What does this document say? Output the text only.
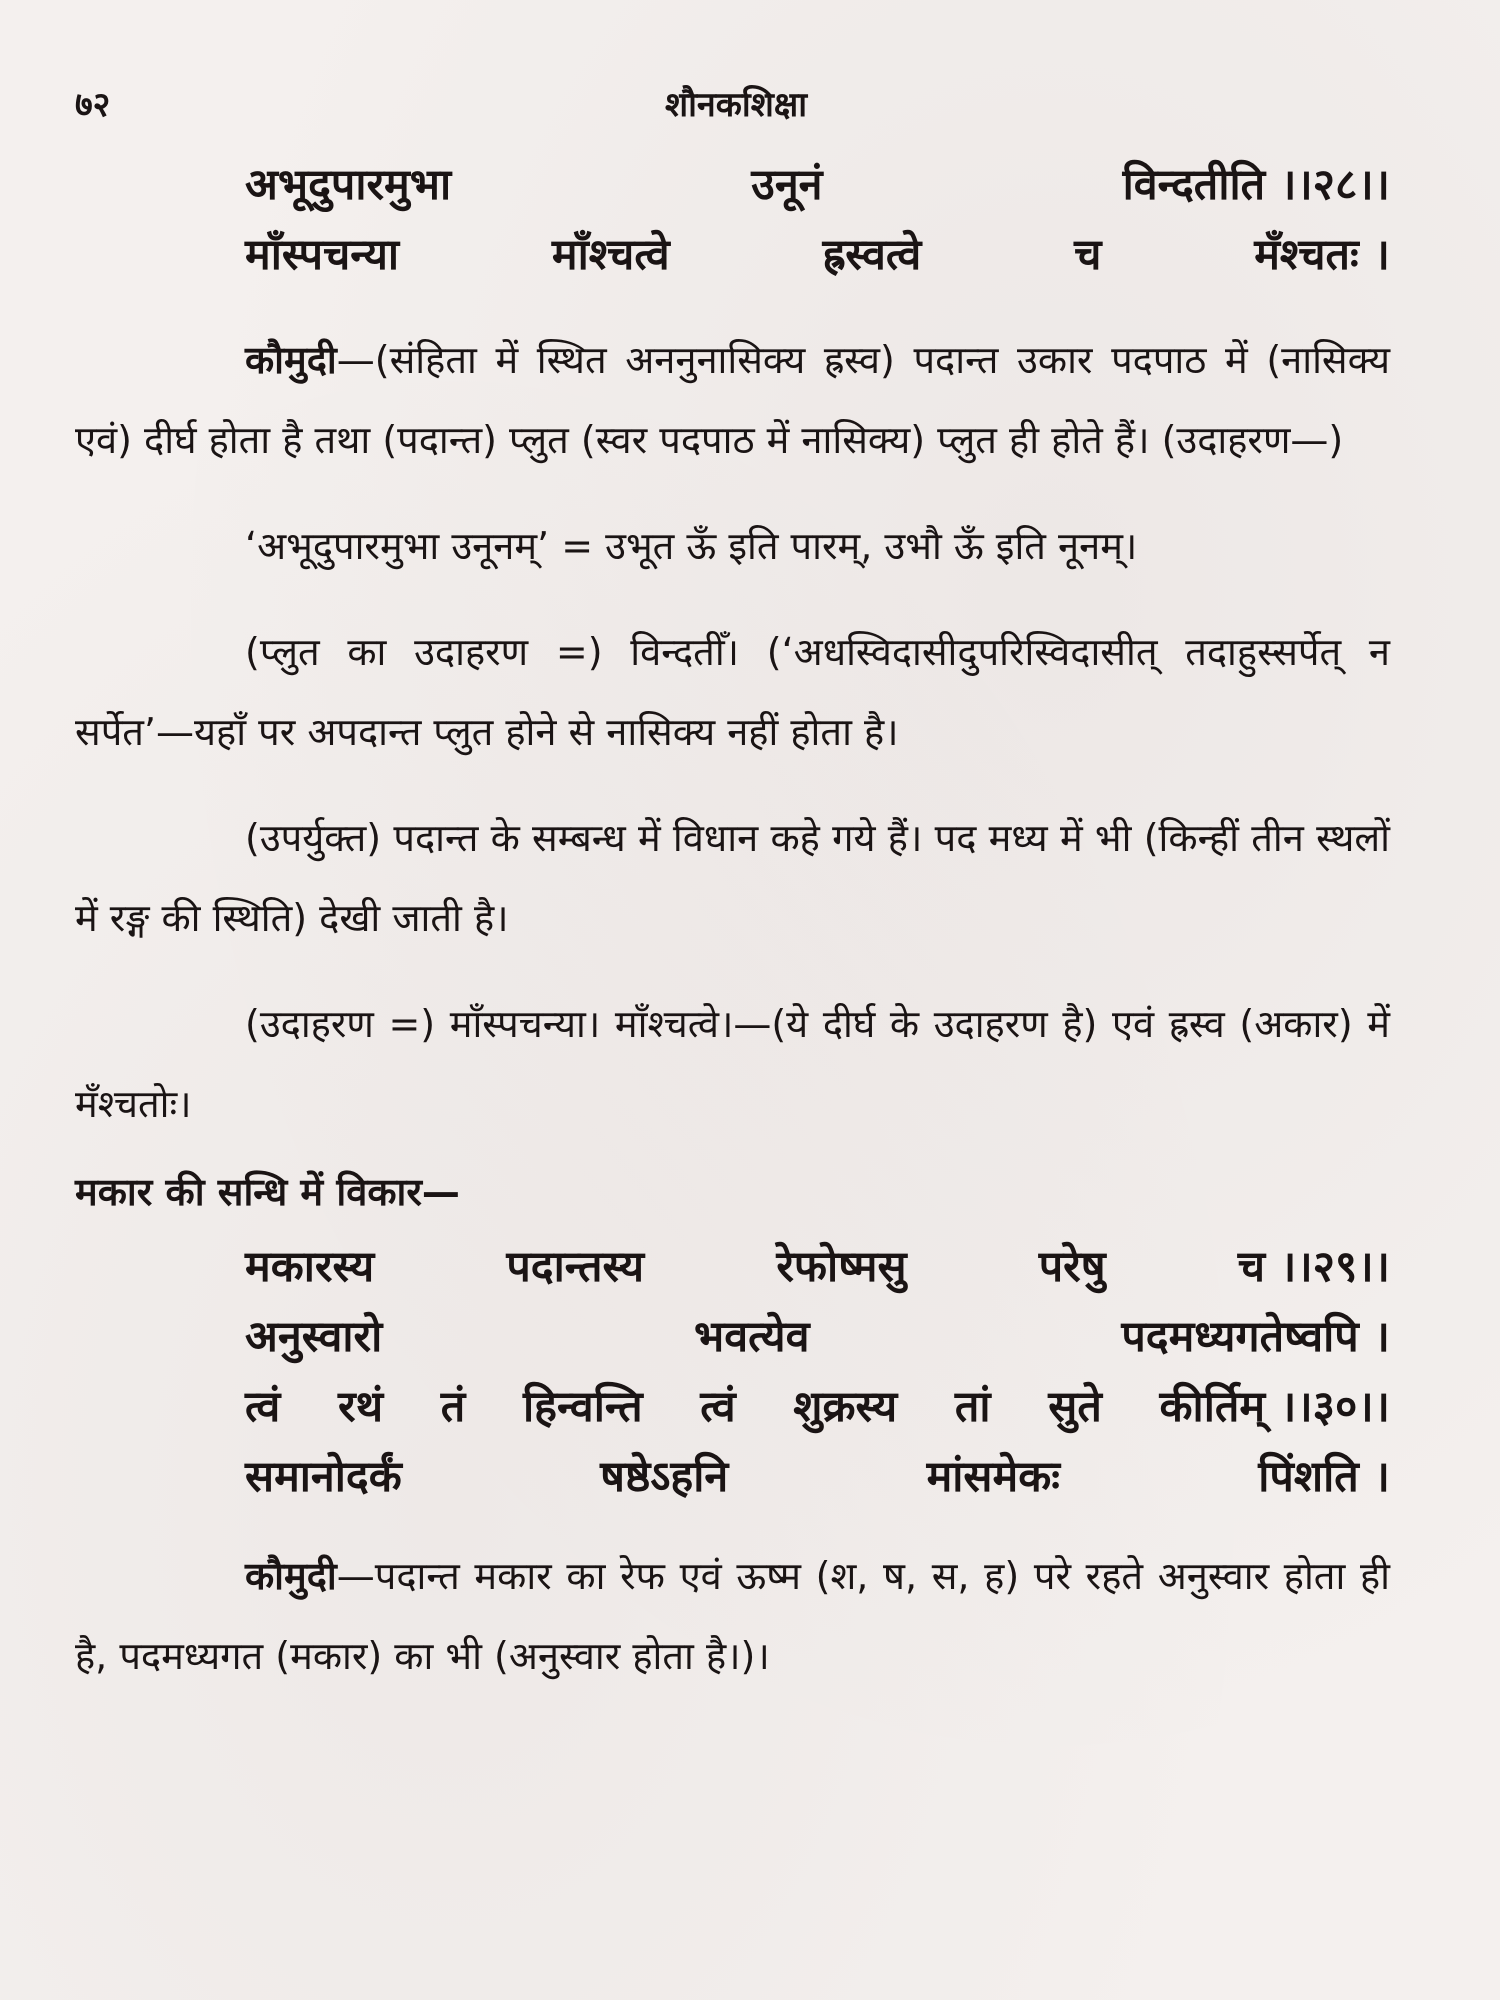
७२	शौनकशिक्षा
अभूदुपारमुभा	उनूनं	विन्दतीति ।।२८।।
माँस्पचन्या	माँश्चत्वे	ह्रस्वत्वे	च	मँश्चतः ।

कौमुदी—(संहिता में स्थित अननुनासिक्य ह्रस्व) पदान्त उकार पदपाठ में (नासिक्य एवं) दीर्घ होता है तथा (पदान्त) प्लुत (स्वर पदपाठ में नासिक्य) प्लुत ही होते हैं। (उदाहरण—)

‘अभूदुपारमुभा उनूनम्’ = उभूत ऊँ इति पारम्, उभौ ऊँ इति नूनम्।

(प्लुत का उदाहरण =) विन्दतीँ। (‘अधस्विदासीदुपरिस्विदासीत् तदाहुस्सर्पेत् न सर्पेत’—यहाँ पर अपदान्त प्लुत होने से नासिक्य नहीं होता है।

(उपर्युक्त) पदान्त के सम्बन्ध में विधान कहे गये हैं। पद मध्य में भी (किन्हीं तीन स्थलों में रङ्ग की स्थिति) देखी जाती है।

(उदाहरण =) माँस्पचन्या। माँश्चत्वे।—(ये दीर्घ के उदाहरण है) एवं ह्रस्व (अकार) में मँश्चतोः।

मकार की सन्धि में विकार—
मकारस्य	पदान्तस्य	रेफोष्मसु	परेषु	च ।।२९।।
अनुस्वारो	भवत्येव	पदमध्यगतेष्वपि ।
त्वं रथं तं हिन्वन्ति त्वं शुक्रस्य तां सुते कीर्तिम् ।।३०।।
समानोदर्कं	षष्ठेऽहनि	मांसमेकः	पिंशति ।

कौमुदी—पदान्त मकार का रेफ एवं ऊष्म (श, ष, स, ह) परे रहते अनुस्वार होता ही है, पदमध्यगत (मकार) का भी (अनुस्वार होता है।)।
